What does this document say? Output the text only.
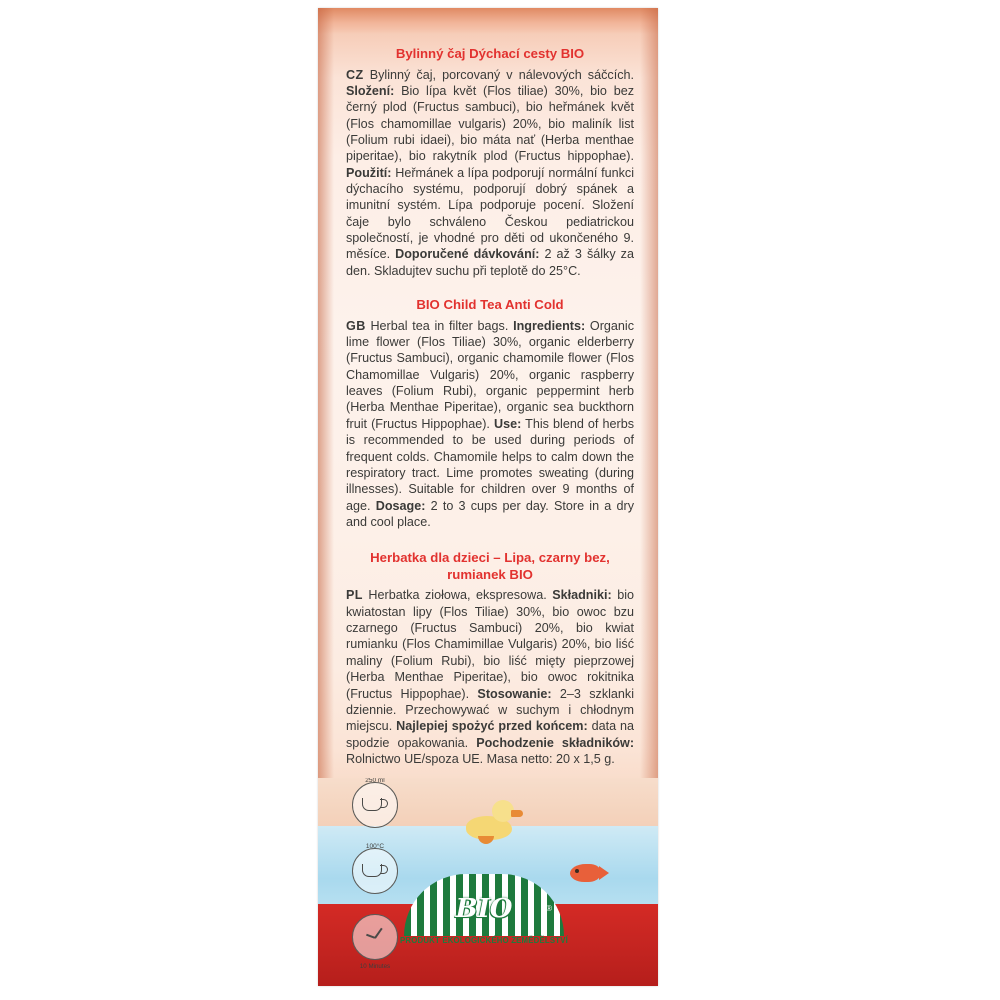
Bylinný čaj Dýchací cesty BIO
CZ Bylinný čaj, porcovaný v nálevových sáčcích. Složení: Bio lípa květ (Flos tiliae) 30%, bio bez černý plod (Fructus sambuci), bio heřmánek květ (Flos chamomillae vulgaris) 20%, bio maliník list (Folium rubi idaei), bio máta nať (Herba menthae piperitae), bio rakytník plod (Fructus hippophae). Použití: Heřmánek a lípa podporují normální funkci dýchacího systému, podporují dobrý spánek a imunitní systém. Lípa podporuje pocení. Složení čaje bylo schváleno Českou pediatrickou společností, je vhodné pro děti od ukončeného 9. měsíce. Doporučené dávkování: 2 až 3 šálky za den. Skladujtev suchu při teplotě do 25°C.
BIO Child Tea Anti Cold
GB Herbal tea in filter bags. Ingredients: Organic lime flower (Flos Tiliae) 30%, organic elderberry (Fructus Sambuci), organic chamomile flower (Flos Chamomillae Vulgaris) 20%, organic raspberry leaves (Folium Rubi), organic peppermint herb (Herba Menthae Piperitae), organic sea buckthorn fruit (Fructus Hippophae). Use: This blend of herbs is recommended to be used during periods of frequent colds. Chamomile helps to calm down the respiratory tract. Lime promotes sweating (during illnesses). Suitable for children over 9 months of age. Dosage: 2 to 3 cups per day. Store in a dry and cool place.
Herbatka dla dzieci – Lipa, czarny bez, rumianek BIO
PL Herbatka ziołowa, ekspresowa. Składniki: bio kwiatostan lipy (Flos Tiliae) 30%, bio owoc bzu czarnego (Fructus Sambuci) 20%, bio kwiat rumianku (Flos Chamimillae Vulgaris) 20%, bio liść maliny (Folium Rubi), bio liść mięty pieprzowej (Herba Menthae Piperitae), bio owoc rokitnika (Fructus Hippophae). Stosowanie: 2–3 szklanki dziennie. Przechowywać w suchym i chłodnym miejscu. Najlepiej spożyć przed końcem: data na spodzie opakowania. Pochodzenie składników: Rolnictwo UE/spoza UE. Masa netto: 20 x 1,5 g.
250 ml
100°C
10 Minutes
BIO	®
PRODUKT EKOLOGICKÉHO ZEMĚDĚLSTVÍ
